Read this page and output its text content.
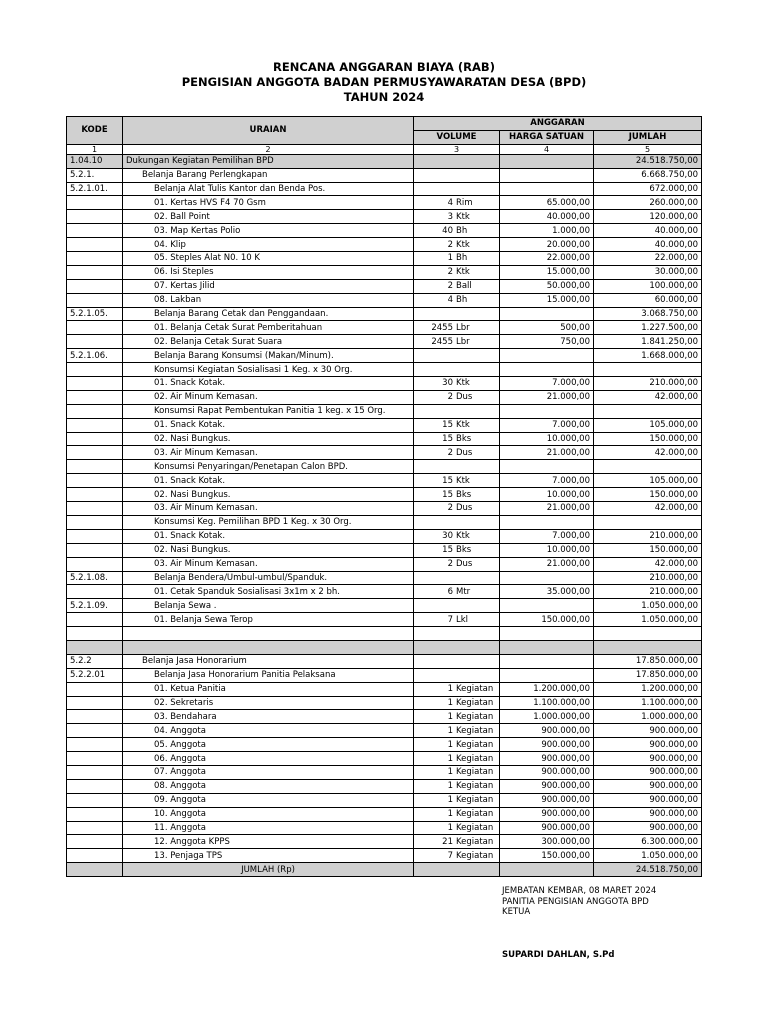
RENCANA ANGGARAN BIAYA (RAB)

PENGISIAN ANGGOTA BADAN PERMUSYAWARATAN DESA (BPD)

TAHUN 2024

KODE	URAIAN	ANGGARAN		
		VOLUME	HARGA SATUAN	JUMLAH
1	2	3	4	5
1.04.10	Dukungan Kegiatan Pemilihan BPD			24.518.750,00
5.2.1.	Belanja Barang Perlengkapan			6.668.750,00
5.2.1.01.	Belanja Alat Tulis Kantor dan Benda Pos.			672.000,00
	01. Kertas HVS F4 70 Gsm	4 Rim	65.000,00	260.000,00
	02. Ball Point	3 Ktk	40.000,00	120.000,00
	03. Map Kertas Polio	40 Bh	1.000,00	40.000,00
	04. Klip	2 Ktk	20.000,00	40.000,00
	05. Steples Alat N0. 10 K	1 Bh	22.000,00	22.000,00
	06. Isi Steples	2 Ktk	15.000,00	30.000,00
	07. Kertas Jilid	2 Ball	50.000,00	100.000,00
	08. Lakban	4 Bh	15.000,00	60.000,00
5.2.1.05.	Belanja Barang Cetak dan Penggandaan.			3.068.750,00
	01. Belanja Cetak Surat Pemberitahuan	2455 Lbr	500,00	1.227.500,00
	02. Belanja Cetak Surat Suara	2455 Lbr	750,00	1.841.250,00
5.2.1.06.	Belanja Barang Konsumsi (Makan/Minum).			1.668.000,00
	Konsumsi Kegiatan Sosialisasi 1 Keg. x 30 Org.	

	01. Snack Kotak.	30 Ktk	7.000,00	210.000,00
	02. Air Minum Kemasan.	2 Dus	21.000,00	42.000,00
	Konsumsi Rapat Pembentukan Panitia 1 keg. x 15 Org.	

	01. Snack Kotak.	15 Ktk	7.000,00	105.000,00
	02. Nasi Bungkus.	15 Bks	10.000,00	150.000,00
	03. Air Minum Kemasan.	2 Dus	21.000,00	42.000,00
	Konsumsi Penyaringan/Penetapan Calon BPD.	

	01. Snack Kotak.	15 Ktk	7.000,00	105.000,00
	02. Nasi Bungkus.	15 Bks	10.000,00	150.000,00
	03. Air Minum Kemasan.	2 Dus	21.000,00	42.000,00
	Konsumsi Keg. Pemilihan BPD 1 Keg. x 30 Org.	

	01. Snack Kotak.	30 Ktk	7.000,00	210.000,00
	02. Nasi Bungkus.	15 Bks	10.000,00	150.000,00
	03. Air Minum Kemasan.	2 Dus	21.000,00	42.000,00
5.2.1.08.	Belanja Bendera/Umbul-umbul/Spanduk.			210.000,00
	01. Cetak Spanduk Sosialisasi 3x1m x 2 bh.	6 Mtr	35.000,00	210.000,00
5.2.1.09.	Belanja Sewa .			1.050.000,00
	01. Belanja Sewa Terop	7 Lkl	150.000,00	1.050.000,00

5.2.2	Belanja Jasa Honorarium			17.850.000,00
5.2.2.01	Belanja Jasa Honorarium Panitia Pelaksana			17.850.000,00
	01. Ketua Panitia	1 Kegiatan	1.200.000,00	1.200.000,00
	02. Sekretaris	1 Kegiatan	1.100.000,00	1.100.000,00
	03. Bendahara	1 Kegiatan	1.000.000,00	1.000.000,00
	04. Anggota	1 Kegiatan	900.000,00	900.000,00
	05. Anggota	1 Kegiatan	900.000,00	900.000,00
	06. Anggota	1 Kegiatan	900.000,00	900.000,00
	07. Anggota	1 Kegiatan	900.000,00	900.000,00
	08. Anggota	1 Kegiatan	900.000,00	900.000,00
	09. Anggota	1 Kegiatan	900.000,00	900.000,00
	10. Anggota	1 Kegiatan	900.000,00	900.000,00
	11. Anggota	1 Kegiatan	900.000,00	900.000,00
	12. Anggota KPPS	21 Kegiatan	300.000,00	6.300.000,00
	13. Penjaga TPS	7 Kegiatan	150.000,00	1.050.000,00
	JUMLAH (Rp)			24.518.750,00
JEMBATAN KEMBAR, 08 MARET 2024
PANITIA PENGISIAN ANGGOTA BPD
KETUA
SUPARDI DAHLAN, S.Pd
